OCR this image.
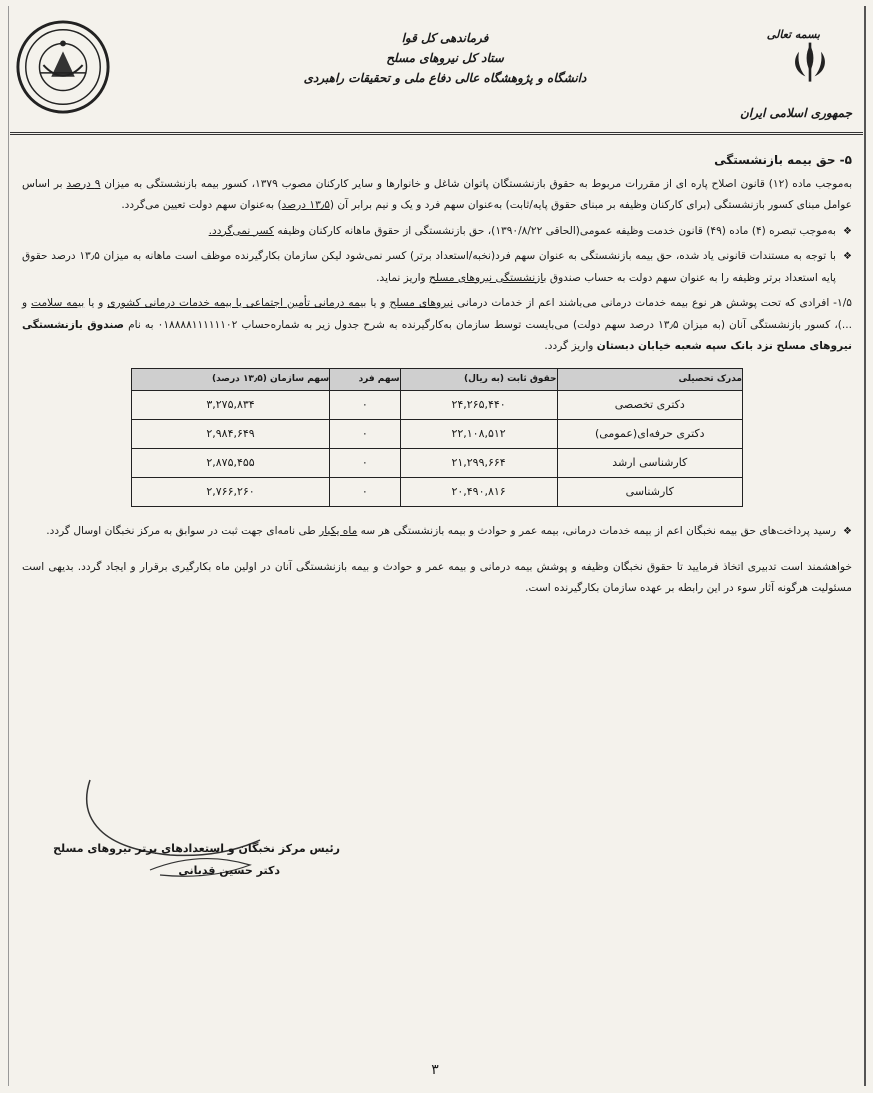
فرماندهی کل قوا
ستاد کل نیروهای مسلح
دانشگاه و پژوهشگاه عالی دفاع ملی و تحقیقات راهبردی
بسمه تعالی
جمهوری اسلامی ایران
۵- حق بیمه بازنشستگی

به‌موجب ماده (۱۲) قانون اصلاح پاره ای از مقررات مربوط به حقوق بازنشستگان پاتوان شاغل و خانوارها و سایر کارکنان مصوب ۱۳۷۹، کسور بیمه بازنشستگی به میزان ۹ درصد بر اساس عوامل مبنای کسور بازنشستگی (برای کارکنان وظیفه بر مبنای حقوق پایه/ثابت) به‌عنوان سهم فرد و یک و نیم برابر آن (۱۳٫۵ درصد) به‌عنوان سهم دولت تعیین می‌گردد.

❖
به‌موجب تبصره (۴) ماده (۴۹) قانون خدمت وظیفه عمومی(الحاقی ۱۳۹۰/۸/۲۲)، حق بازنشستگی از حقوق ماهانه کارکنان وظیفه کسر نمی‌گردد.
❖
با توجه به مستندات قانونی یاد شده، حق بیمه بازنشستگی به عنوان سهم فرد(نخبه/استعداد برتر) کسر نمی‌شود لیکن سازمان بکارگیرنده موظف است ماهانه به میزان ۱۳٫۵ درصد حقوق پایه استعداد برتر وظیفه را به عنوان سهم دولت به حساب صندوق بازنشستگی نیروهای مسلح واریز نماید.

۱/۵- افرادی که تحت پوشش هر نوع بیمه خدمات درمانی می‌باشند اعم از خدمات درمانی نیروهای مسلح و یا بیمه درمانی تأمین اجتماعی یا بیمه خدمات درمانی کشوری و یا بیمه سلامت و ...)، کسور بازنشستگی آنان (به میزان ۱۳٫۵ درصد سهم دولت) می‌بایست توسط سازمان به‌کارگیرنده به شرح جدول زیر به شماره‌حساب ۰۱۸۸۸۸۱۱۱۱۱۱۰۲ به نام صندوق بازنشستگی نیروهای مسلح نزد بانک سپه شعبه خیابان دبستان واریز گردد.

مدرک تحصیلی	حقوق ثابت (به ریال)	سهم فرد	سهم سازمان (۱۳٫۵ درصد)
دکتری تخصصی	۲۴,۲۶۵,۴۴۰	۰	۳,۲۷۵,۸۳۴
دکتری حرفه‌ای(عمومی)	۲۲,۱۰۸,۵۱۲	۰	۲,۹۸۴,۶۴۹
کارشناسی ارشد	۲۱,۲۹۹,۶۶۴	۰	۲,۸۷۵,۴۵۵
کارشناسی	۲۰,۴۹۰,۸۱۶	۰	۲,۷۶۶,۲۶۰
❖
رسید پرداخت‌های حق بیمه نخبگان اعم از بیمه خدمات درمانی، بیمه عمر و حوادث و بیمه بازنشستگی هر سه ماه یکبار طی نامه‌ای جهت ثبت در سوابق به مرکز نخبگان اوسال گردد.

خواهشمند است تدبیری اتخاذ فرمایید تا حقوق نخبگان وظیفه و پوشش بیمه درمانی و بیمه عمر و حوادث و بیمه بازنشستگی آنان در اولین ماه بکارگیری برقرار و ایجاد گردد. بدیهی است مسئولیت هرگونه آثار سوء در این رابطه بر عهده سازمان بکارگیرنده است.

رئیس مرکز نخبگان و استعدادهای برتر نیروهای مسلح
دکتر حسین قدیانی
۳
